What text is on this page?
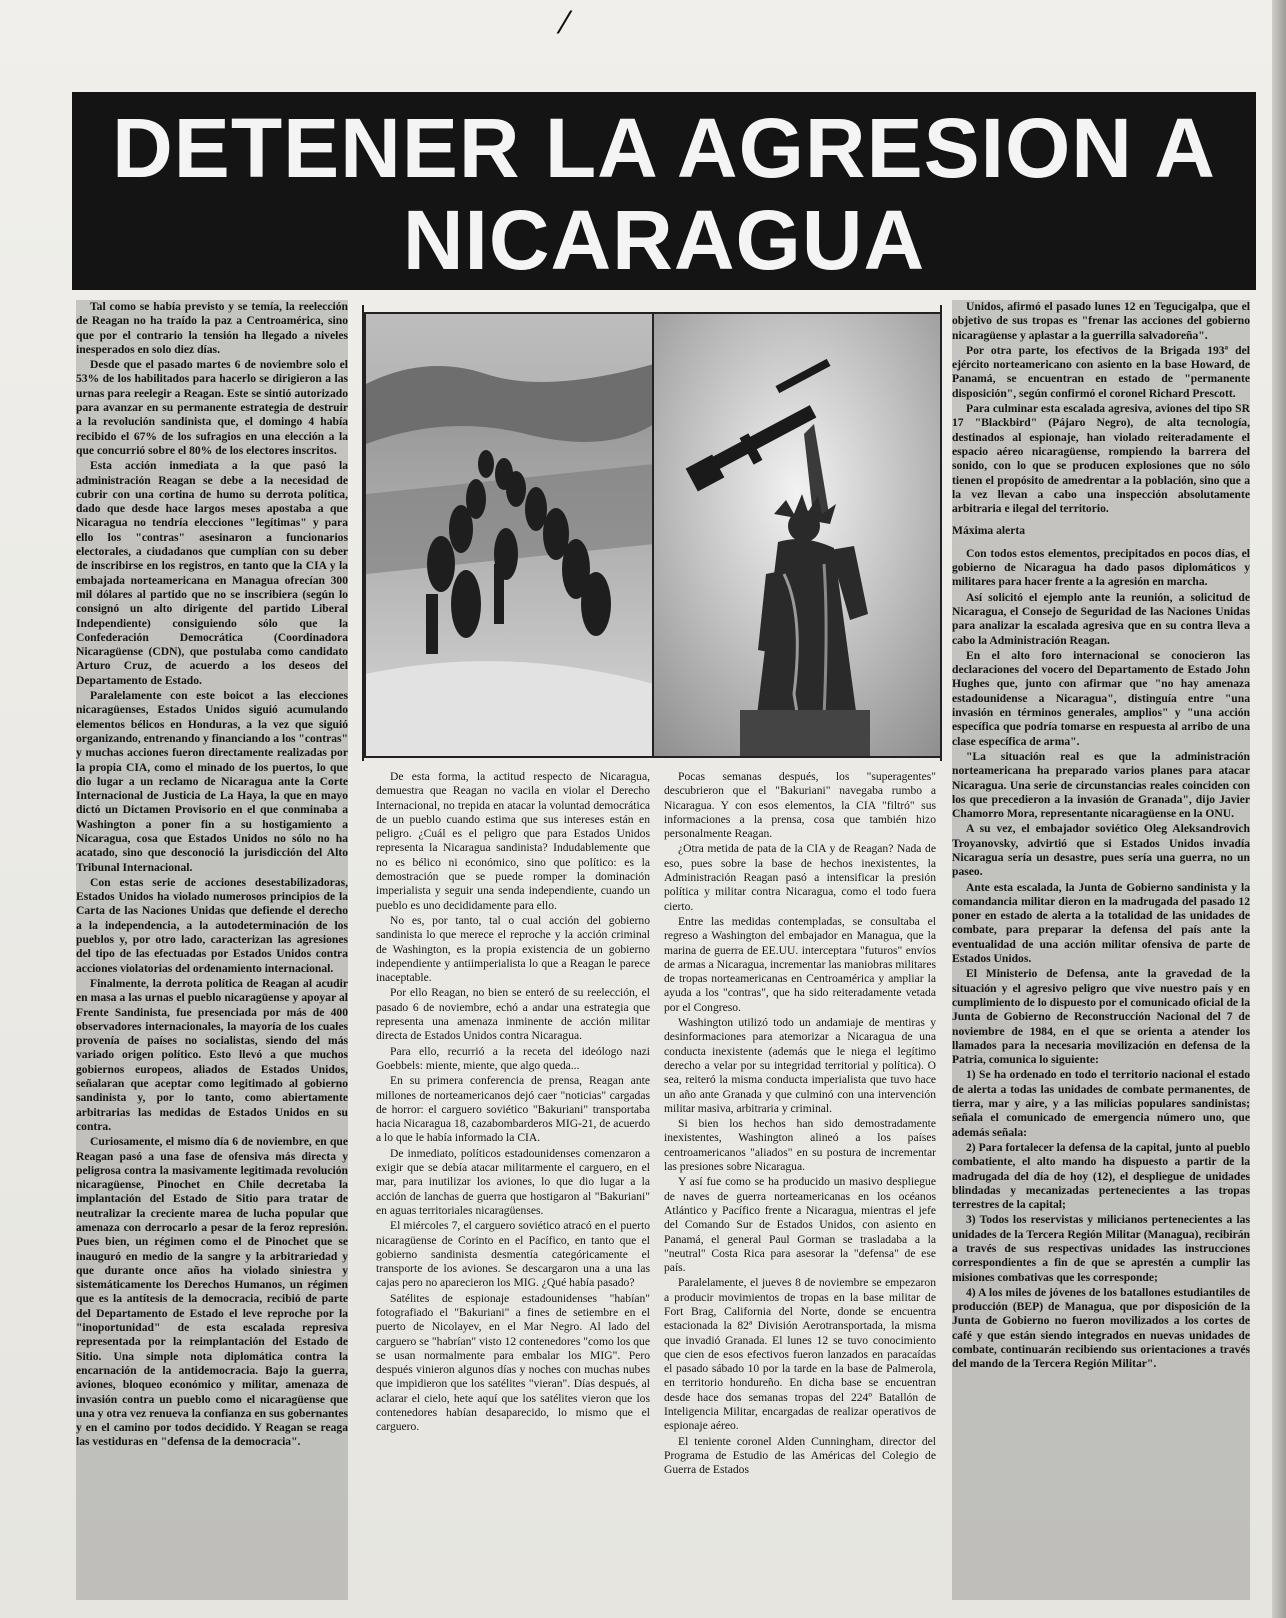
⁄
DETENER LA AGRESION A
NICARAGUA

Tal como se había previsto y se temía, la reelección de Reagan no ha traído la paz a Centroamérica, sino que por el contrario la tensión ha llegado a niveles inesperados en solo diez días.

Desde que el pasado martes 6 de noviembre solo el 53% de los habilitados para hacerlo se dirigieron a las urnas para reelegir a Reagan. Este se sintió autorizado para avanzar en su permanente estrategia de destruir a la revolución sandinista que, el domingo 4 había recibido el 67% de los sufragios en una elección a la que concurrió sobre el 80% de los electores inscritos.

Esta acción inmediata a la que pasó la administración Reagan se debe a la necesidad de cubrir con una cortina de humo su derrota política, dado que desde hace largos meses apostaba a que Nicaragua no tendría elecciones "legítimas" y para ello los "contras" asesinaron a funcionarios electorales, a ciudadanos que cumplían con su deber de inscribirse en los registros, en tanto que la CIA y la embajada norteamericana en Managua ofrecían 300 mil dólares al partido que no se inscribiera (según lo consignó un alto dirigente del partido Liberal Independiente) consiguiendo sólo que la Confederación Democrática (Coordinadora Nicaragüense (CDN), que postulaba como candidato Arturo Cruz, de acuerdo a los deseos del Departamento de Estado.

Paralelamente con este boicot a las elecciones nicaragüenses, Estados Unidos siguió acumulando elementos bélicos en Honduras, a la vez que siguió organizando, entrenando y financiando a los "contras" y muchas acciones fueron directamente realizadas por la propia CIA, como el minado de los puertos, lo que dio lugar a un reclamo de Nicaragua ante la Corte Internacional de Justicia de La Haya, la que en mayo dictó un Dictamen Provisorio en el que conminaba a Washington a poner fin a su hostigamiento a Nicaragua, cosa que Estados Unidos no sólo no ha acatado, sino que desconoció la jurisdicción del Alto Tribunal Internacional.

Con estas serie de acciones desestabilizadoras, Estados Unidos ha violado numerosos principios de la Carta de las Naciones Unidas que defiende el derecho a la independencia, a la autodeterminación de los pueblos y, por otro lado, caracterizan las agresiones del tipo de las efectuadas por Estados Unidos contra acciones violatorias del ordenamiento internacional.

Finalmente, la derrota política de Reagan al acudir en masa a las urnas el pueblo nicaragüense y apoyar al Frente Sandinista, fue presenciada por más de 400 observadores internacionales, la mayoría de los cuales provenía de países no socialistas, siendo del más variado origen político. Esto llevó a que muchos gobiernos europeos, aliados de Estados Unidos, señalaran que aceptar como legitimado al gobierno sandinista y, por lo tanto, como abiertamente arbitrarias las medidas de Estados Unidos en su contra.

Curiosamente, el mismo día 6 de noviembre, en que Reagan pasó a una fase de ofensiva más directa y peligrosa contra la masivamente legitimada revolución nicaragüense, Pinochet en Chile decretaba la implantación del Estado de Sitio para tratar de neutralizar la creciente marea de lucha popular que amenaza con derrocarlo a pesar de la feroz represión. Pues bien, un régimen como el de Pinochet que se inauguró en medio de la sangre y la arbitrariedad y que durante once años ha violado siniestra y sistemáticamente los Derechos Humanos, un régimen que es la antítesis de la democracia, recibió de parte del Departamento de Estado el leve reproche por la "inoportunidad" de esta escalada represiva representada por la reimplantación del Estado de Sitio. Una simple nota diplomática contra la encarnación de la antidemocracia. Bajo la guerra, aviones, bloqueo económico y militar, amenaza de invasión contra un pueblo como el nicaragüense que una y otra vez renueva la confianza en sus gobernantes y en el camino por todos decidido. Y Reagan se reaga las vestiduras en "defensa de la democracia".

De esta forma, la actitud respecto de Nicaragua, demuestra que Reagan no vacila en violar el Derecho Internacional, no trepida en atacar la voluntad democrática de un pueblo cuando estima que sus intereses están en peligro. ¿Cuál es el peligro que para Estados Unidos representa la Nicaragua sandinista? Indudablemente que no es bélico ni económico, sino que político: es la demostración que se puede romper la dominación imperialista y seguir una senda independiente, cuando un pueblo es uno decididamente para ello.

No es, por tanto, tal o cual acción del gobierno sandinista lo que merece el reproche y la acción criminal de Washington, es la propia existencia de un gobierno independiente y antiimperialista lo que a Reagan le parece inaceptable.

Por ello Reagan, no bien se enteró de su reelección, el pasado 6 de noviembre, echó a andar una estrategia que representa una amenaza inminente de acción militar directa de Estados Unidos contra Nicaragua.

Para ello, recurrió a la receta del ideólogo nazi Goebbels: miente, miente, que algo queda...

En su primera conferencia de prensa, Reagan ante millones de norteamericanos dejó caer "noticias" cargadas de horror: el carguero soviético "Bakuriani" transportaba hacia Nicaragua 18, cazabombarderos MIG-21, de acuerdo a lo que le había informado la CIA.

De inmediato, políticos estadounidenses comenzaron a exigir que se debía atacar militarmente el carguero, en el mar, para inutilizar los aviones, lo que dio lugar a la acción de lanchas de guerra que hostigaron al "Bakuriani" en aguas territoriales nicaragüenses.

El miércoles 7, el carguero soviético atracó en el puerto nicaragüense de Corinto en el Pacífico, en tanto que el gobierno sandinista desmentía categóricamente el transporte de los aviones. Se descargaron una a una las cajas pero no aparecieron los MIG. ¿Qué había pasado?

Satélites de espionaje estadounidenses "habían" fotografiado el "Bakuriani" a fines de setiembre en el puerto de Nicolayev, en el Mar Negro. Al lado del carguero se "habrían" visto 12 contenedores "como los que se usan normalmente para embalar los MIG". Pero después vinieron algunos días y noches con muchas nubes que impidieron que los satélites "vieran". Días después, al aclarar el cielo, hete aquí que los satélites vieron que los contenedores habían desaparecido, lo mismo que el carguero.

Pocas semanas después, los "superagentes" descubrieron que el "Bakuriani" navegaba rumbo a Nicaragua. Y con esos elementos, la CIA "filtró" sus informaciones a la prensa, cosa que también hizo personalmente Reagan.

¿Otra metida de pata de la CIA y de Reagan? Nada de eso, pues sobre la base de hechos inexistentes, la Administración Reagan pasó a intensificar la presión política y militar contra Nicaragua, como el todo fuera cierto.

Entre las medidas contempladas, se consultaba el regreso a Washington del embajador en Managua, que la marina de guerra de EE.UU. interceptara "futuros" envíos de armas a Nicaragua, incrementar las maniobras militares de tropas norteamericanas en Centroamérica y ampliar la ayuda a los "contras", que ha sido reiteradamente vetada por el Congreso.

Washington utilizó todo un andamiaje de mentiras y desinformaciones para atemorizar a Nicaragua de una conducta inexistente (además que le niega el legítimo derecho a velar por su integridad territorial y política). O sea, reiteró la misma conducta imperialista que tuvo hace un año ante Granada y que culminó con una intervención militar masiva, arbitraria y criminal.

Si bien los hechos han sido demostradamente inexistentes, Washington alineó a los países centroamericanos "aliados" en su postura de incrementar las presiones sobre Nicaragua.

Y así fue como se ha producido un masivo despliegue de naves de guerra norteamericanas en los océanos Atlántico y Pacífico frente a Nicaragua, mientras el jefe del Comando Sur de Estados Unidos, con asiento en Panamá, el general Paul Gorman se trasladaba a la "neutral" Costa Rica para asesorar la "defensa" de ese país.

Paralelamente, el jueves 8 de noviembre se empezaron a producir movimientos de tropas en la base militar de Fort Brag, California del Norte, donde se encuentra estacionada la 82ª División Aerotransportada, la misma que invadió Granada. El lunes 12 se tuvo conocimiento que cien de esos efectivos fueron lanzados en paracaídas el pasado sábado 10 por la tarde en la base de Palmerola, en territorio hondureño. En dicha base se encuentran desde hace dos semanas tropas del 224º Batallón de Inteligencia Militar, encargadas de realizar operativos de espionaje aéreo.

El teniente coronel Alden Cunningham, director del Programa de Estudio de las Américas del Colegio de Guerra de Estados

Unidos, afirmó el pasado lunes 12 en Tegucigalpa, que el objetivo de sus tropas es "frenar las acciones del gobierno nicaragüense y aplastar a la guerrilla salvadoreña".

Por otra parte, los efectivos de la Brigada 193ª del ejército norteamericano con asiento en la base Howard, de Panamá, se encuentran en estado de "permanente disposición", según confirmó el coronel Richard Prescott.

Para culminar esta escalada agresiva, aviones del tipo SR 17 "Blackbird" (Pájaro Negro), de alta tecnología, destinados al espionaje, han violado reiteradamente el espacio aéreo nicaragüense, rompiendo la barrera del sonido, con lo que se producen explosiones que no sólo tienen el propósito de amedrentar a la población, sino que a la vez llevan a cabo una inspección absolutamente arbitraria e ilegal del territorio.

Máxima alerta

Con todos estos elementos, precipitados en pocos días, el gobierno de Nicaragua ha dado pasos diplomáticos y militares para hacer frente a la agresión en marcha.

Así solicitó el ejemplo ante la reunión, a solicitud de Nicaragua, el Consejo de Seguridad de las Naciones Unidas para analizar la escalada agresiva que en su contra lleva a cabo la Administración Reagan.

En el alto foro internacional se conocieron las declaraciones del vocero del Departamento de Estado John Hughes que, junto con afirmar que "no hay amenaza estadounidense a Nicaragua", distinguía entre "una invasión en términos generales, amplios" y "una acción específica que podría tomarse en respuesta al arribo de una clase específica de arma".

"La situación real es que la administración norteamericana ha preparado varios planes para atacar Nicaragua. Una serie de circunstancias reales coinciden con los que precedieron a la invasión de Granada", dijo Javier Chamorro Mora, representante nicaragüense en la ONU.

A su vez, el embajador soviético Oleg Aleksandrovich Troyanovsky, advirtió que si Estados Unidos invadía Nicaragua sería un desastre, pues sería una guerra, no un paseo.

Ante esta escalada, la Junta de Gobierno sandinista y la comandancia militar dieron en la madrugada del pasado 12 poner en estado de alerta a la totalidad de las unidades de combate, para preparar la defensa del país ante la eventualidad de una acción militar ofensiva de parte de Estados Unidos.

El Ministerio de Defensa, ante la gravedad de la situación y el agresivo peligro que vive nuestro país y en cumplimiento de lo dispuesto por el comunicado oficial de la Junta de Gobierno de Reconstrucción Nacional del 7 de noviembre de 1984, en el que se orienta a atender los llamados para la necesaria movilización en defensa de la Patria, comunica lo siguiente:

1) Se ha ordenado en todo el territorio nacional el estado de alerta a todas las unidades de combate permanentes, de tierra, mar y aire, y a las milicias populares sandinistas; señala el comunicado de emergencia número uno, que además señala:

2) Para fortalecer la defensa de la capital, junto al pueblo combatiente, el alto mando ha dispuesto a partir de la madrugada del día de hoy (12), el despliegue de unidades blindadas y mecanizadas pertenecientes a las tropas terrestres de la capital;

3) Todos los reservistas y milicianos pertenecientes a las unidades de la Tercera Región Militar (Managua), recibirán a través de sus respectivas unidades las instrucciones correspondientes a fin de que se aprestén a cumplir las misiones combativas que les corresponde;

4) A los miles de jóvenes de los batallones estudiantiles de producción (BEP) de Managua, que por disposición de la Junta de Gobierno no fueron movilizados a los cortes de café y que están siendo integrados en nuevas unidades de combate, continuarán recibiendo sus orientaciones a través del mando de la Tercera Región Militar".
